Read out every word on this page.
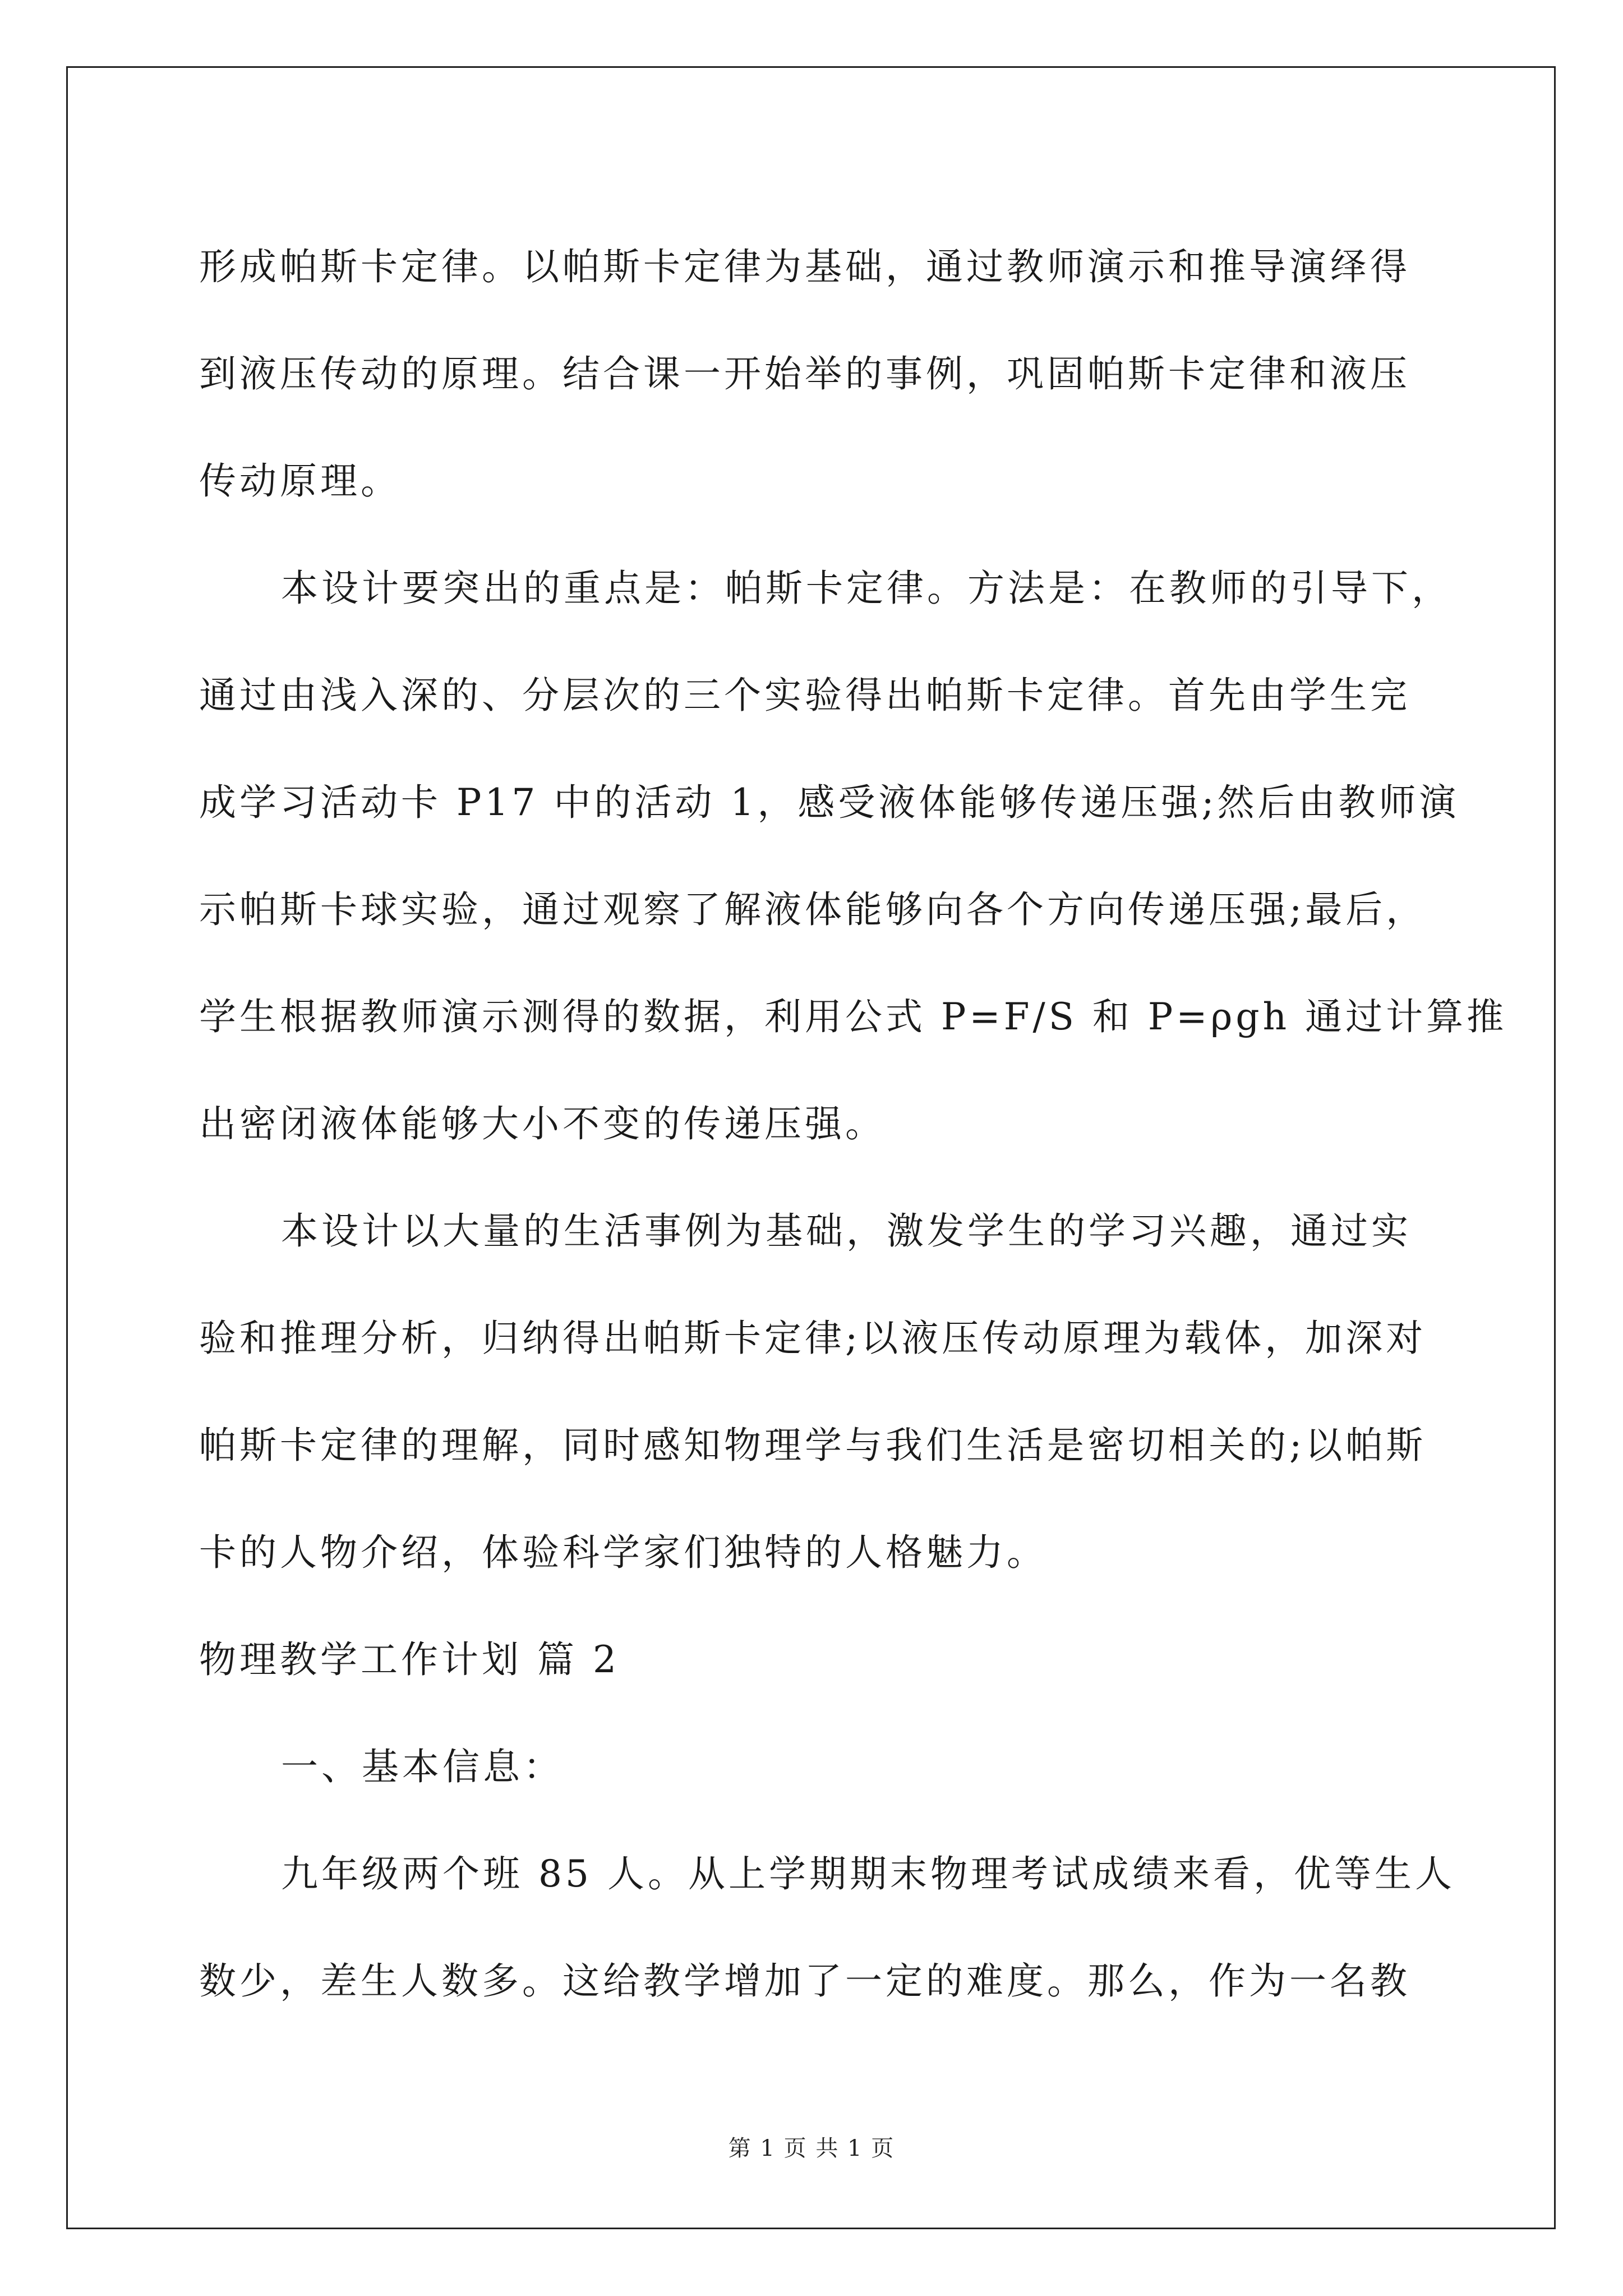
形成帕斯卡定律。以帕斯卡定律为基础，通过教师演示和推导演绎得
到液压传动的原理。结合课一开始举的事例，巩固帕斯卡定律和液压
传动原理。
本设计要突出的重点是：帕斯卡定律。方法是：在教师的引导下，
通过由浅入深的、分层次的三个实验得出帕斯卡定律。首先由学生完
成学习活动卡 P17 中的活动 1，感受液体能够传递压强;然后由教师演
示帕斯卡球实验，通过观察了解液体能够向各个方向传递压强;最后，
学生根据教师演示测得的数据，利用公式 P=F/S 和 P=ρgh 通过计算推
出密闭液体能够大小不变的传递压强。
本设计以大量的生活事例为基础，激发学生的学习兴趣，通过实
验和推理分析，归纳得出帕斯卡定律;以液压传动原理为载体，加深对
帕斯卡定律的理解，同时感知物理学与我们生活是密切相关的;以帕斯
卡的人物介绍，体验科学家们独特的人格魅力。
物理教学工作计划 篇 2
一、基本信息：
九年级两个班 85 人。从上学期期末物理考试成绩来看，优等生人
数少，差生人数多。这给教学增加了一定的难度。那么，作为一名教
第 1 页 共 1 页
